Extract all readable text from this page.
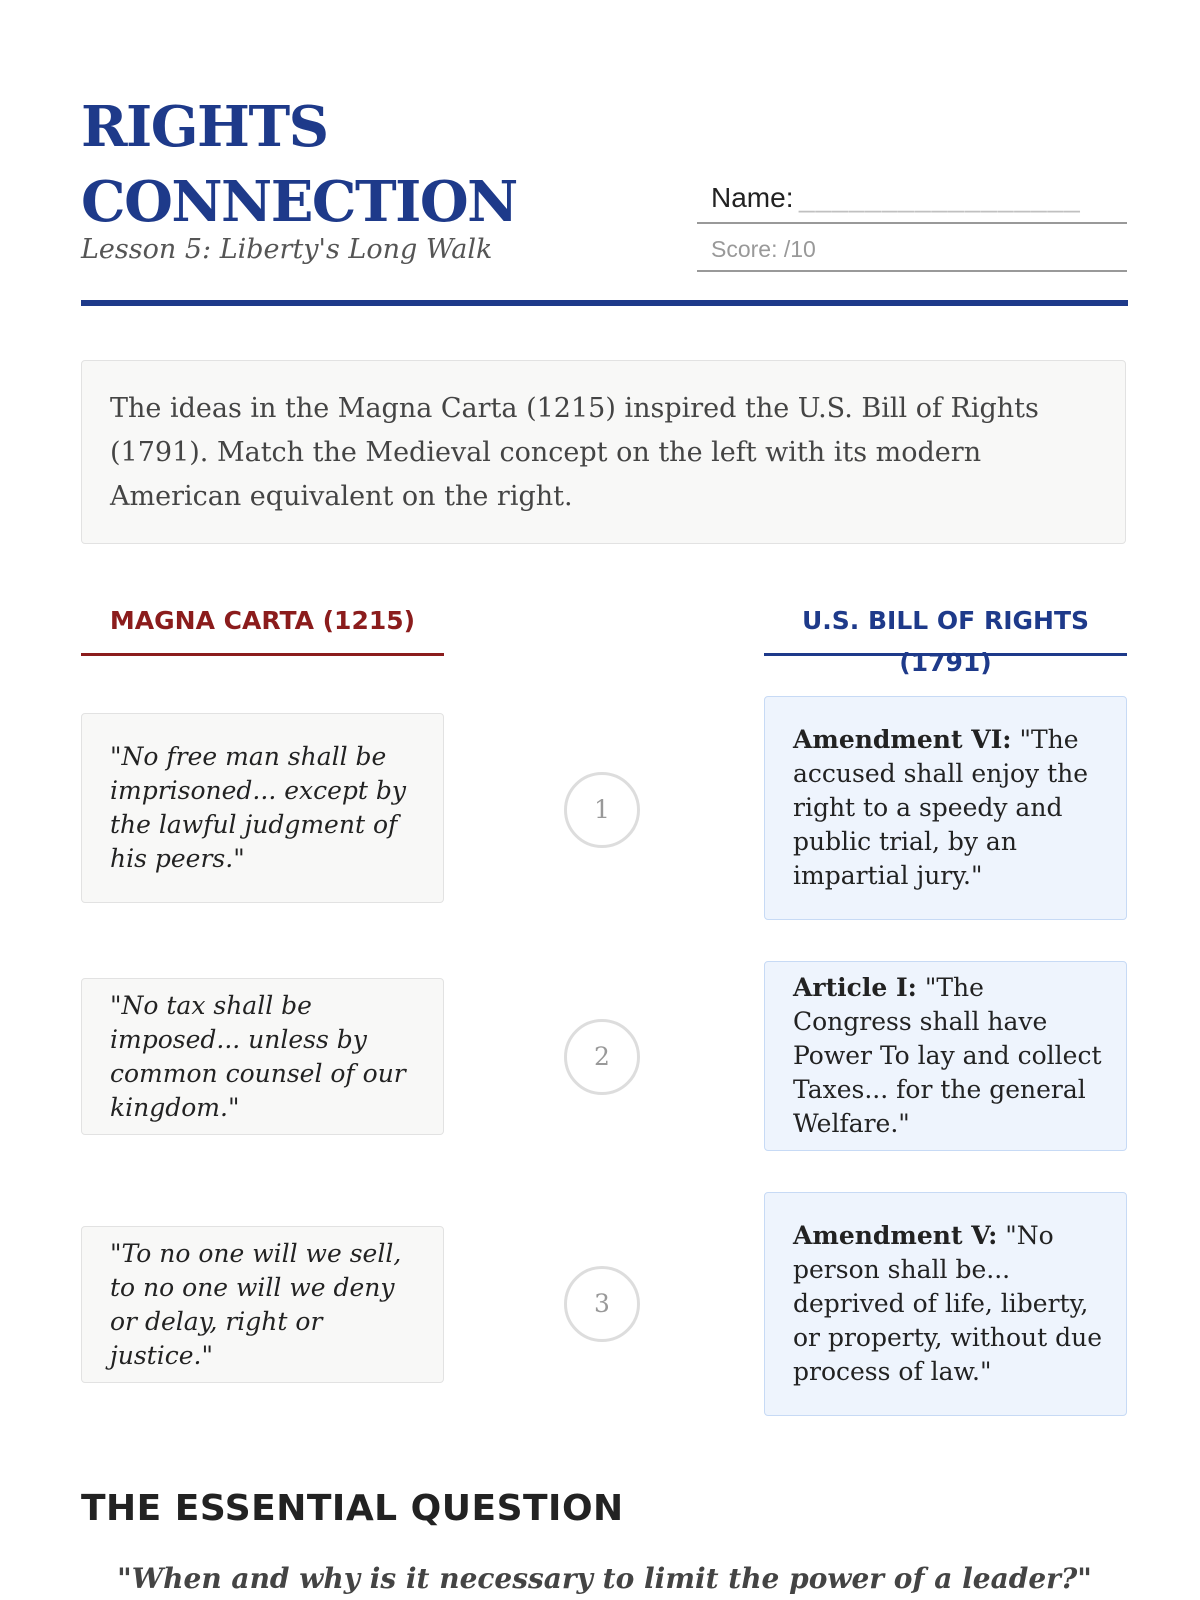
RIGHTS CONNECTION
Lesson 5: Liberty's Long Walk
Name: _________________
Score: /10
The ideas in the Magna Carta (1215) inspired the U.S. Bill of Rights (1791). Match the Medieval concept on the left with its modern American equivalent on the right.
MAGNA CARTA (1215)	U.S. BILL OF RIGHTS (1791)
"No free man shall be imprisoned... except by the lawful judgment of his peers."
1
Amendment VI: "The accused shall enjoy the right to a speedy and public trial, by an impartial jury."
"No tax shall be imposed... unless by common counsel of our kingdom."
2
Article I: "The Congress shall have Power To lay and collect Taxes... for the general Welfare."
"To no one will we sell, to no one will we deny or delay, right or justice."
3
Amendment V: "No person shall be... deprived of life, liberty, or property, without due process of law."
THE ESSENTIAL QUESTION
"When and why is it necessary to limit the power of a leader?"
